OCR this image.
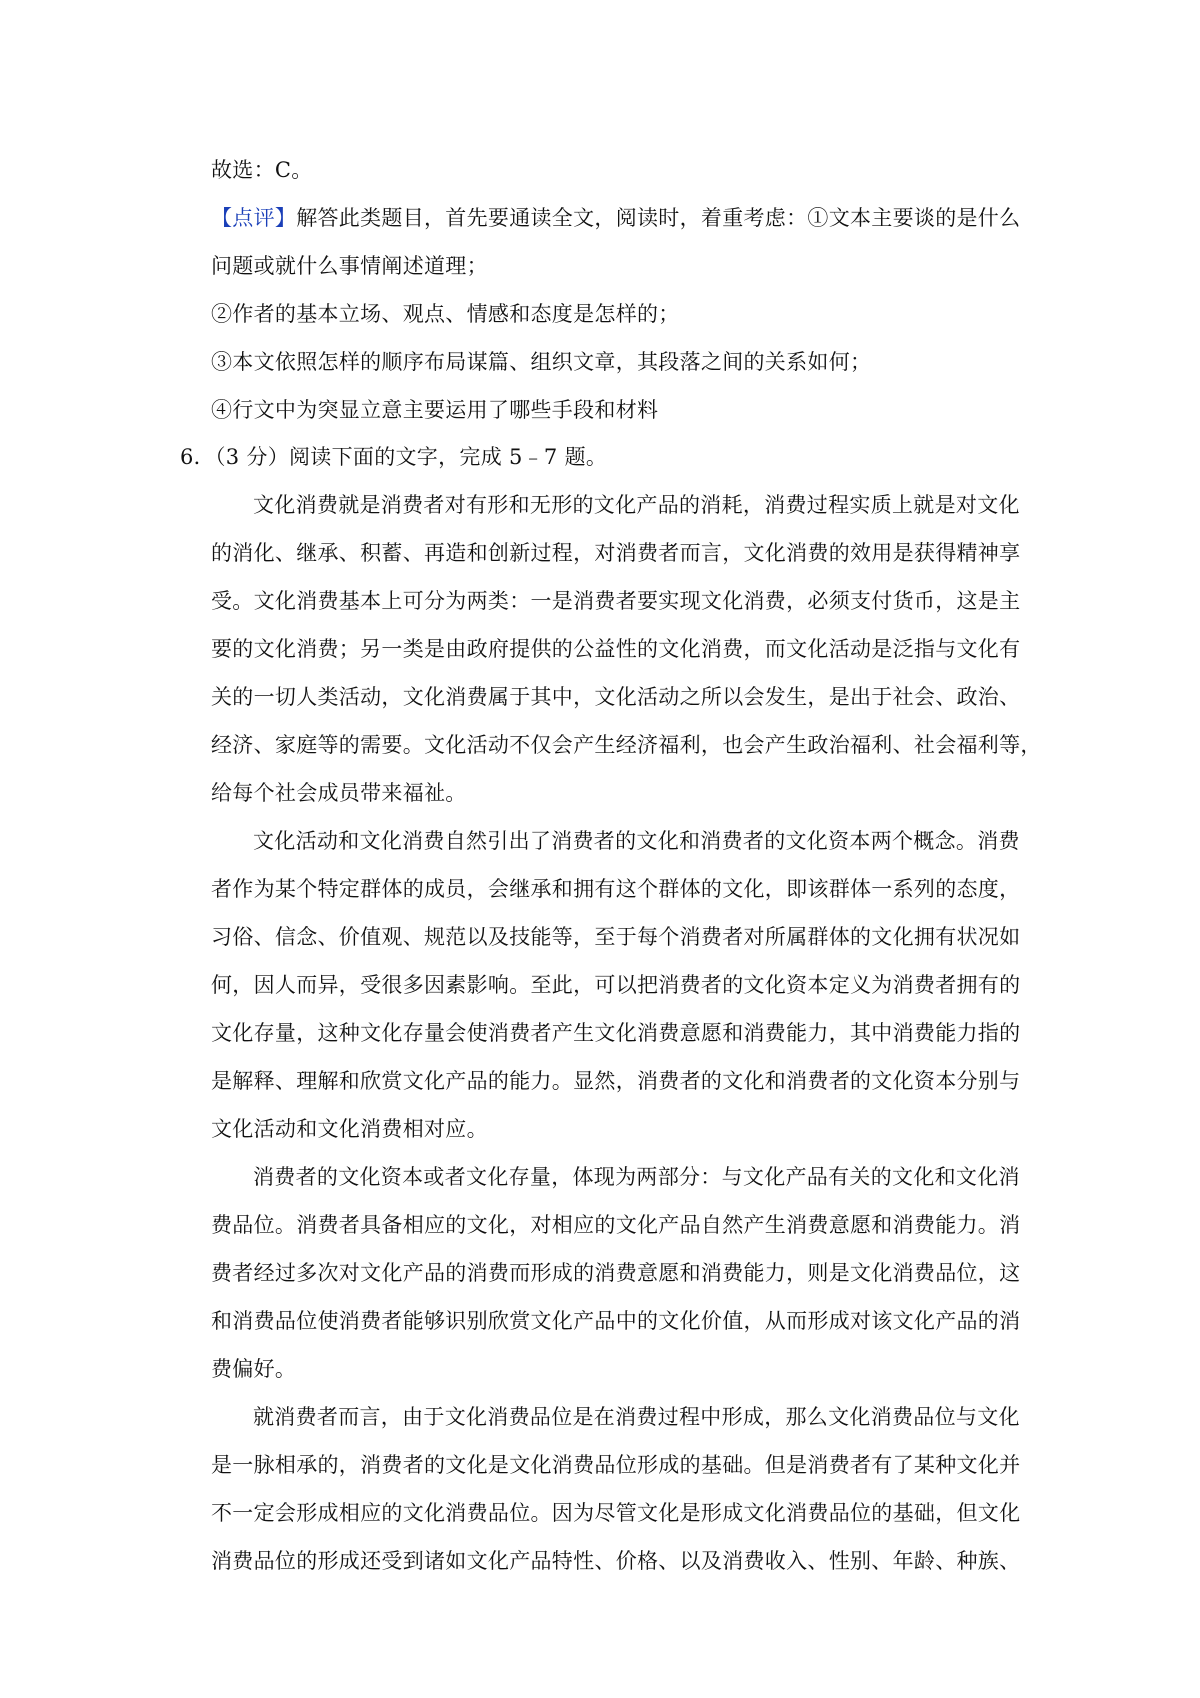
故选：C。
【点评】解答此类题目，首先要通读全文，阅读时，着重考虑：①文本主要谈的是什么
问题或就什么事情阐述道理；
②作者的基本立场、观点、情感和态度是怎样的；
③本文依照怎样的顺序布局谋篇、组织文章，其段落之间的关系如何；
④行文中为突显立意主要运用了哪些手段和材料
6．（3 分）阅读下面的文字，完成 5﹣7 题。
文化消费就是消费者对有形和无形的文化产品的消耗，消费过程实质上就是对文化
的消化、继承、积蓄、再造和创新过程，对消费者而言，文化消费的效用是获得精神享
受。文化消费基本上可分为两类：一是消费者要实现文化消费，必须支付货币，这是主
要的文化消费；另一类是由政府提供的公益性的文化消费，而文化活动是泛指与文化有
关的一切人类活动，文化消费属于其中，文化活动之所以会发生，是出于社会、政治、
经济、家庭等的需要。文化活动不仅会产生经济福利，也会产生政治福利、社会福利等，
给每个社会成员带来福祉。
文化活动和文化消费自然引出了消费者的文化和消费者的文化资本两个概念。消费
者作为某个特定群体的成员，会继承和拥有这个群体的文化，即该群体一系列的态度，
习俗、信念、价值观、规范以及技能等，至于每个消费者对所属群体的文化拥有状况如
何，因人而异，受很多因素影响。至此，可以把消费者的文化资本定义为消费者拥有的
文化存量，这种文化存量会使消费者产生文化消费意愿和消费能力，其中消费能力指的
是解释、理解和欣赏文化产品的能力。显然，消费者的文化和消费者的文化资本分别与
文化活动和文化消费相对应。
消费者的文化资本或者文化存量，体现为两部分：与文化产品有关的文化和文化消
费品位。消费者具备相应的文化，对相应的文化产品自然产生消费意愿和消费能力。消
费者经过多次对文化产品的消费而形成的消费意愿和消费能力，则是文化消费品位，这
和消费品位使消费者能够识别欣赏文化产品中的文化价值，从而形成对该文化产品的消
费偏好。
就消费者而言，由于文化消费品位是在消费过程中形成，那么文化消费品位与文化
是一脉相承的，消费者的文化是文化消费品位形成的基础。但是消费者有了某种文化并
不一定会形成相应的文化消费品位。因为尽管文化是形成文化消费品位的基础，但文化
消费品位的形成还受到诸如文化产品特性、价格、以及消费收入、性别、年龄、种族、
